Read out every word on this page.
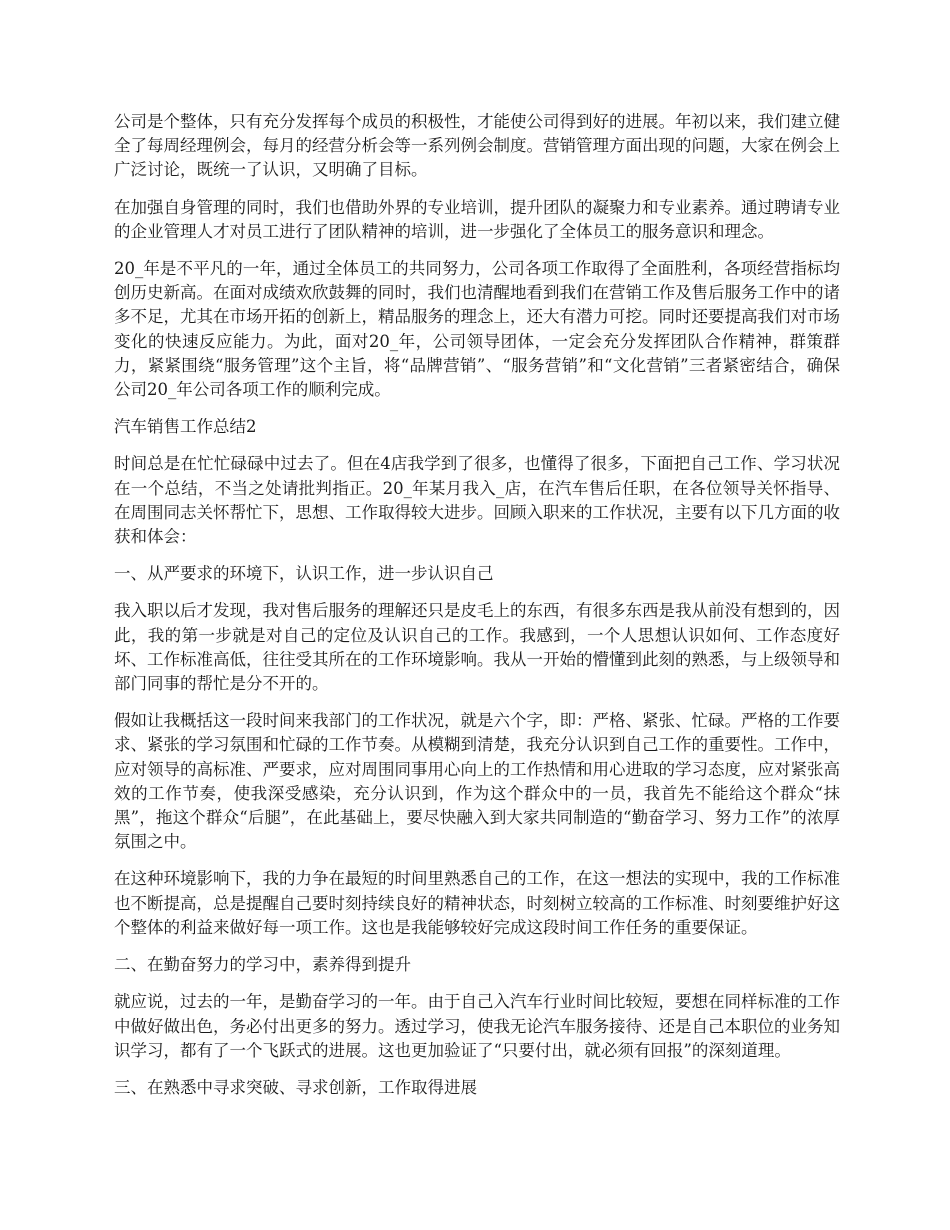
公司是个整体，只有充分发挥每个成员的积极性，才能使公司得到好的进展。年初以来，我们建立健全了每周经理例会，每月的经营分析会等一系列例会制度。营销管理方面出现的问题，大家在例会上广泛讨论，既统一了认识，又明确了目标。

在加强自身管理的同时，我们也借助外界的专业培训，提升团队的凝聚力和专业素养。通过聘请专业的企业管理人才对员工进行了团队精神的培训，进一步强化了全体员工的服务意识和理念。

20_年是不平凡的一年，通过全体员工的共同努力，公司各项工作取得了全面胜利，各项经营指标均创历史新高。在面对成绩欢欣鼓舞的同时，我们也清醒地看到我们在营销工作及售后服务工作中的诸多不足，尤其在市场开拓的创新上，精品服务的理念上，还大有潜力可挖。同时还要提高我们对市场变化的快速反应能力。为此，面对20_年，公司领导团体，一定会充分发挥团队合作精神，群策群力，紧紧围绕“服务管理”这个主旨，将“品牌营销”、“服务营销”和“文化营销”三者紧密结合，确保公司20_年公司各项工作的顺利完成。

汽车销售工作总结2

时间总是在忙忙碌碌中过去了。但在4店我学到了很多，也懂得了很多，下面把自己工作、学习状况在一个总结，不当之处请批判指正。20_年某月我入_店，在汽车售后任职，在各位领导关怀指导、在周围同志关怀帮忙下，思想、工作取得较大进步。回顾入职来的工作状况，主要有以下几方面的收获和体会：

一、从严要求的环境下，认识工作，进一步认识自己

我入职以后才发现，我对售后服务的理解还只是皮毛上的东西，有很多东西是我从前没有想到的，因此，我的第一步就是对自己的定位及认识自己的工作。我感到，一个人思想认识如何、工作态度好坏、工作标准高低，往往受其所在的工作环境影响。我从一开始的懵懂到此刻的熟悉，与上级领导和部门同事的帮忙是分不开的。

假如让我概括这一段时间来我部门的工作状况，就是六个字，即：严格、紧张、忙碌。严格的工作要求、紧张的学习氛围和忙碌的工作节奏。从模糊到清楚，我充分认识到自己工作的重要性。工作中，应对领导的高标准、严要求，应对周围同事用心向上的工作热情和用心进取的学习态度，应对紧张高效的工作节奏，使我深受感染，充分认识到，作为这个群众中的一员，我首先不能给这个群众“抹黑”，拖这个群众“后腿”，在此基础上，要尽快融入到大家共同制造的“勤奋学习、努力工作”的浓厚氛围之中。

在这种环境影响下，我的力争在最短的时间里熟悉自己的工作，在这一想法的实现中，我的工作标准也不断提高，总是提醒自己要时刻持续良好的精神状态，时刻树立较高的工作标准、时刻要维护好这个整体的利益来做好每一项工作。这也是我能够较好完成这段时间工作任务的重要保证。

二、在勤奋努力的学习中，素养得到提升

就应说，过去的一年，是勤奋学习的一年。由于自己入汽车行业时间比较短，要想在同样标准的工作中做好做出色，务必付出更多的努力。透过学习，使我无论汽车服务接待、还是自己本职位的业务知识学习，都有了一个飞跃式的进展。这也更加验证了“只要付出，就必须有回报”的深刻道理。

三、在熟悉中寻求突破、寻求创新，工作取得进展
